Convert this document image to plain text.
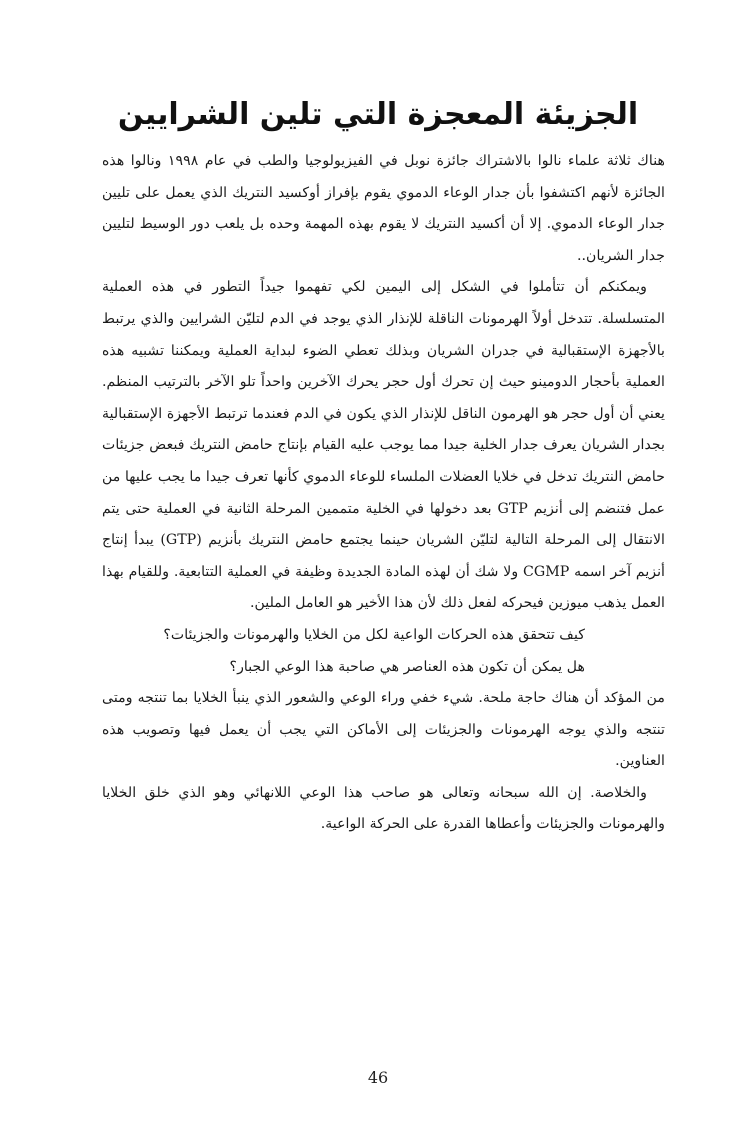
الجزيئة المعجزة التي تلين الشرايين

هناك ثلاثة علماء نالوا بالاشتراك جائزة نوبل في الفيزيولوجيا والطب في عام ١٩٩٨ ونالوا هذه الجائزة لأنهم اكتشفوا بأن جدار الوعاء الدموي يقوم بإفراز أوكسيد النتريك الذي يعمل على تليين جدار الوعاء الدموي. إلا أن أكسيد النتريك لا يقوم بهذه المهمة وحده بل يلعب دور الوسيط لتليين جدار الشريان..

ويمكنكم أن تتأملوا في الشكل إلى اليمين لكي تفهموا جيداً التطور في هذه العملية المتسلسلة. تتدخل أولاً الهرمونات الناقلة للإنذار الذي يوجد في الدم لتليّن الشرايين والذي يرتبط بالأجهزة الإستقبالية في جدران الشريان وبذلك تعطي الضوء لبداية العملية ويمكننا تشبيه هذه العملية بأحجار الدومينو حيث إن تحرك أول حجر يحرك الآخرين واحداً تلو الآخر بالترتيب المنظم. يعني أن أول حجر هو الهرمون الناقل للإنذار الذي يكون في الدم فعندما ترتبط الأجهزة الإستقبالية بجدار الشريان يعرف جدار الخلية جيدا مما يوجب عليه القيام بإنتاج حامض النتريك فبعض جزيئات حامض النتريك تدخل في خلايا العضلات الملساء للوعاء الدموي كأنها تعرف جيدا ما يجب عليها من عمل فتنضم إلى أنزيم GTP بعد دخولها في الخلية متممين المرحلة الثانية في العملية حتى يتم الانتقال إلى المرحلة التالية لتليّن الشريان حينما يجتمع حامض النتريك بأنزيم (GTP) يبدأ إنتاج أنزيم آخر اسمه CGMP ولا شك أن لهذه المادة الجديدة وظيفة في العملية التتابعية. وللقيام بهذا العمل يذهب ميوزين فيحركه لفعل ذلك لأن هذا الأخير هو العامل الملين.

كيف تتحقق هذه الحركات الواعية لكل من الخلايا والهرمونات والجزيئات؟

هل يمكن أن تكون هذه العناصر هي صاحبة هذا الوعي الجبار؟

من المؤكد أن هناك حاجة ملحة. شيء خفي وراء الوعي والشعور الذي ينبأ الخلايا بما تنتجه ومتى تنتجه والذي يوجه الهرمونات والجزيئات إلى الأماكن التي يجب أن يعمل فيها وتصويب هذه العناوين.

والخلاصة. إن الله سبحانه وتعالى هو صاحب هذا الوعي اللانهائي وهو الذي خلق الخلايا والهرمونات والجزيئات وأعطاها القدرة على الحركة الواعية.

46
